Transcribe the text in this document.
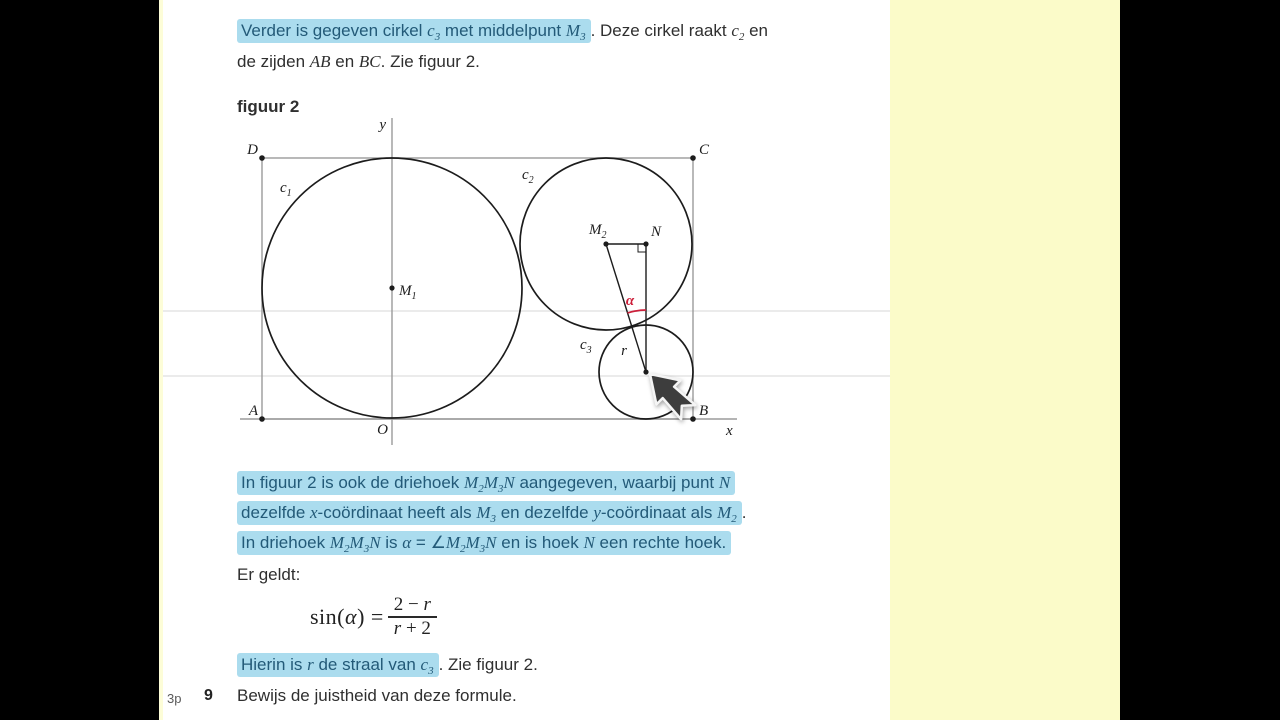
Verder is gegeven cirkel $c_3$ met middelpunt $M_3$ . Deze cirkel raakt $c_2$ en
de zijden AB en BC. Zie figuur 2.
figuur 2
α
y
x
O
D	C
A	B
$c_1$
$c_2$
$c_3$
$M_1$
$M_2$	N
r
In figuur 2 is ook de driehoek $M_2M_3N$ aangegeven, waarbij punt N
dezelfde x-coördinaat heeft als $M_3$ en dezelfde y-coördinaat als $M_2$ .
In driehoek $M_2M_3N$ is $\alpha = \angle M_2M_3N$ en is hoek N een rechte hoek.
Er geldt:
$\sin(\alpha) = \frac{2 - r}{r + 2}$
Hierin is r de straal van $c_3$ . Zie figuur 2.
3p 9 Bewijs de juistheid van deze formule.
